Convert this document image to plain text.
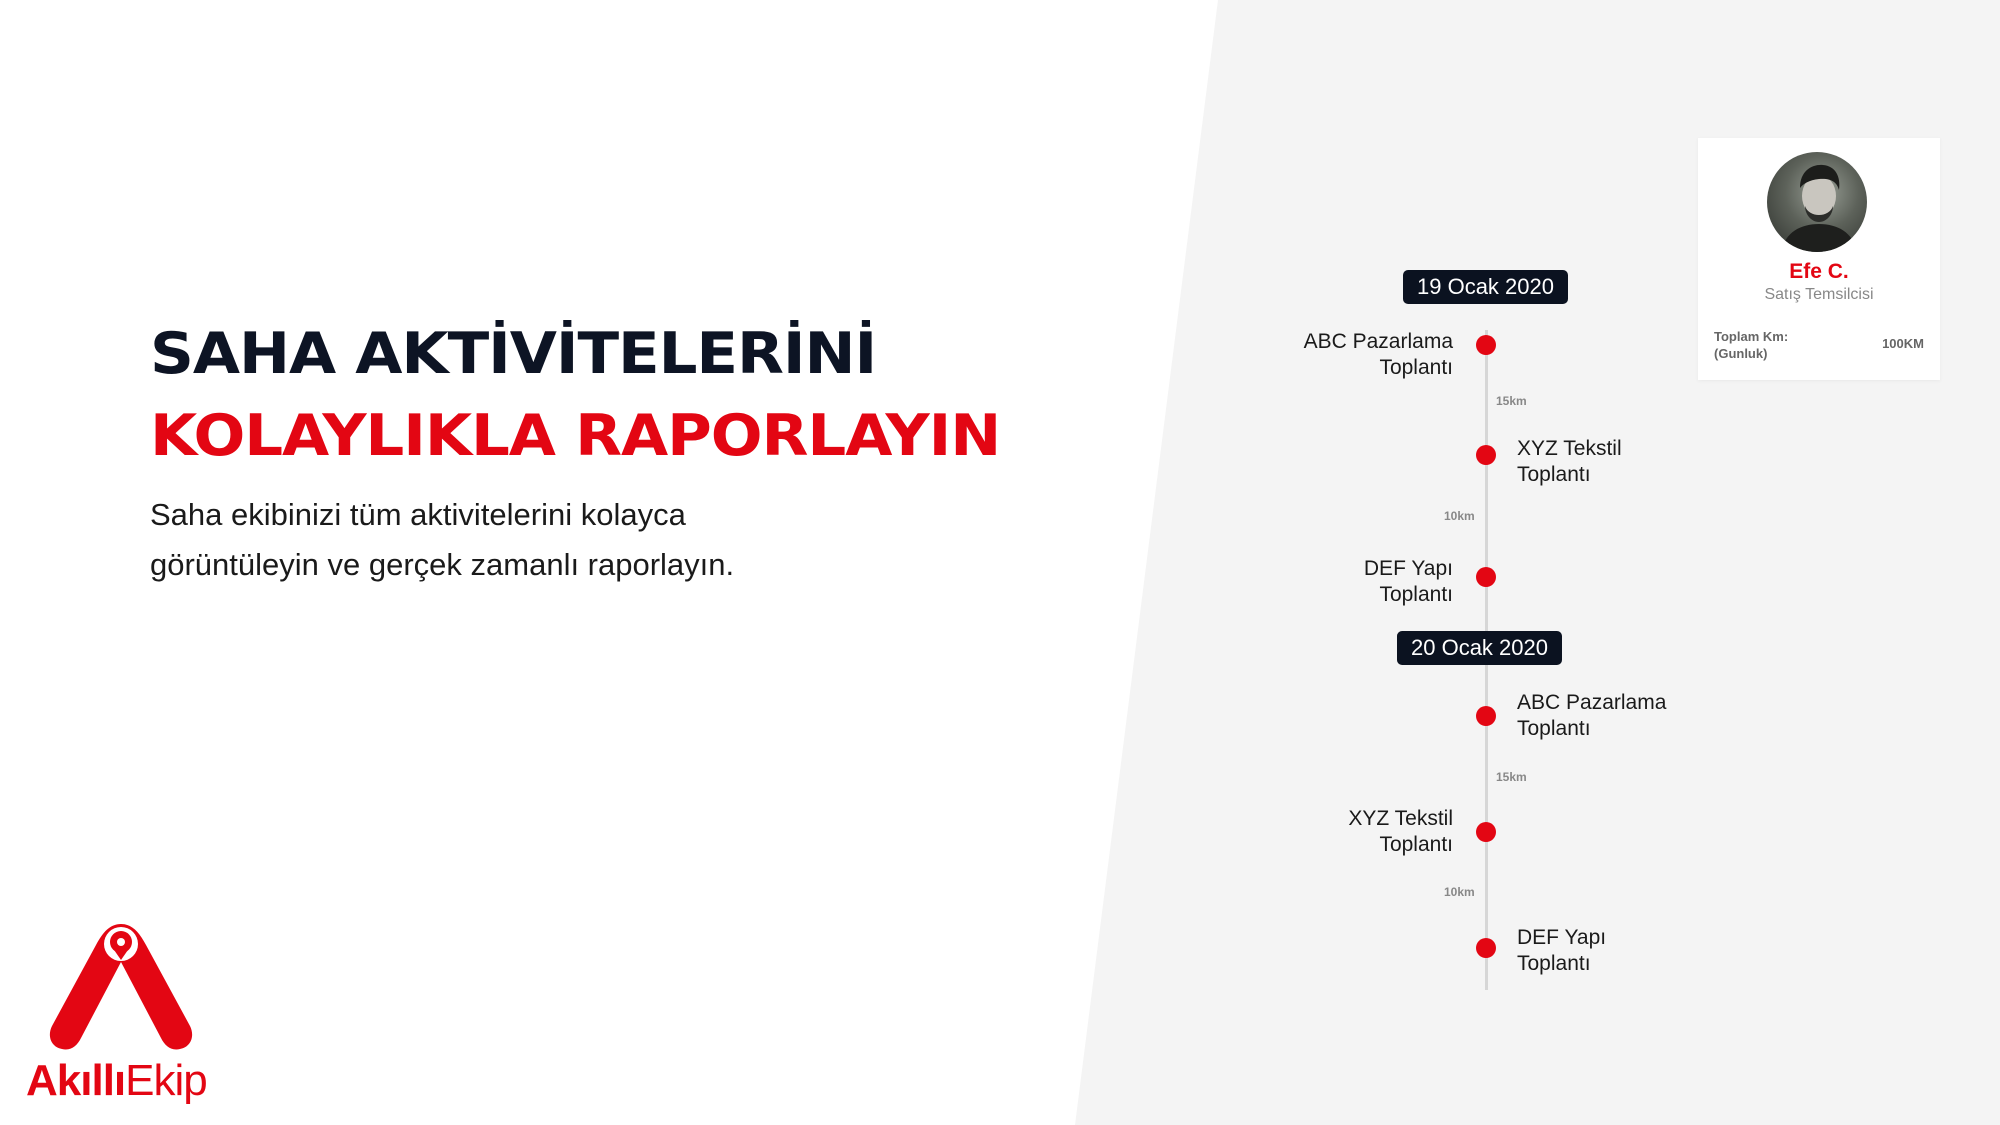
SAHA AKTİVİTELERİNİ
KOLAYLIKLA RAPORLAYIN
Saha ekibinizi tüm aktivitelerini kolayca
görüntüleyin ve gerçek zamanlı raporlayın.
AkıllıEkip
19 Ocak 2020
ABC Pazarlama
Toplantı
15km
XYZ Tekstil
Toplantı
10km
DEF Yapı
Toplantı
20 Ocak 2020
ABC Pazarlama
Toplantı
15km
XYZ Tekstil
Toplantı
10km
DEF Yapı
Toplantı
Efe C.
Satış Temsilcisi
Toplam Km:
(Gunluk)
100KM
